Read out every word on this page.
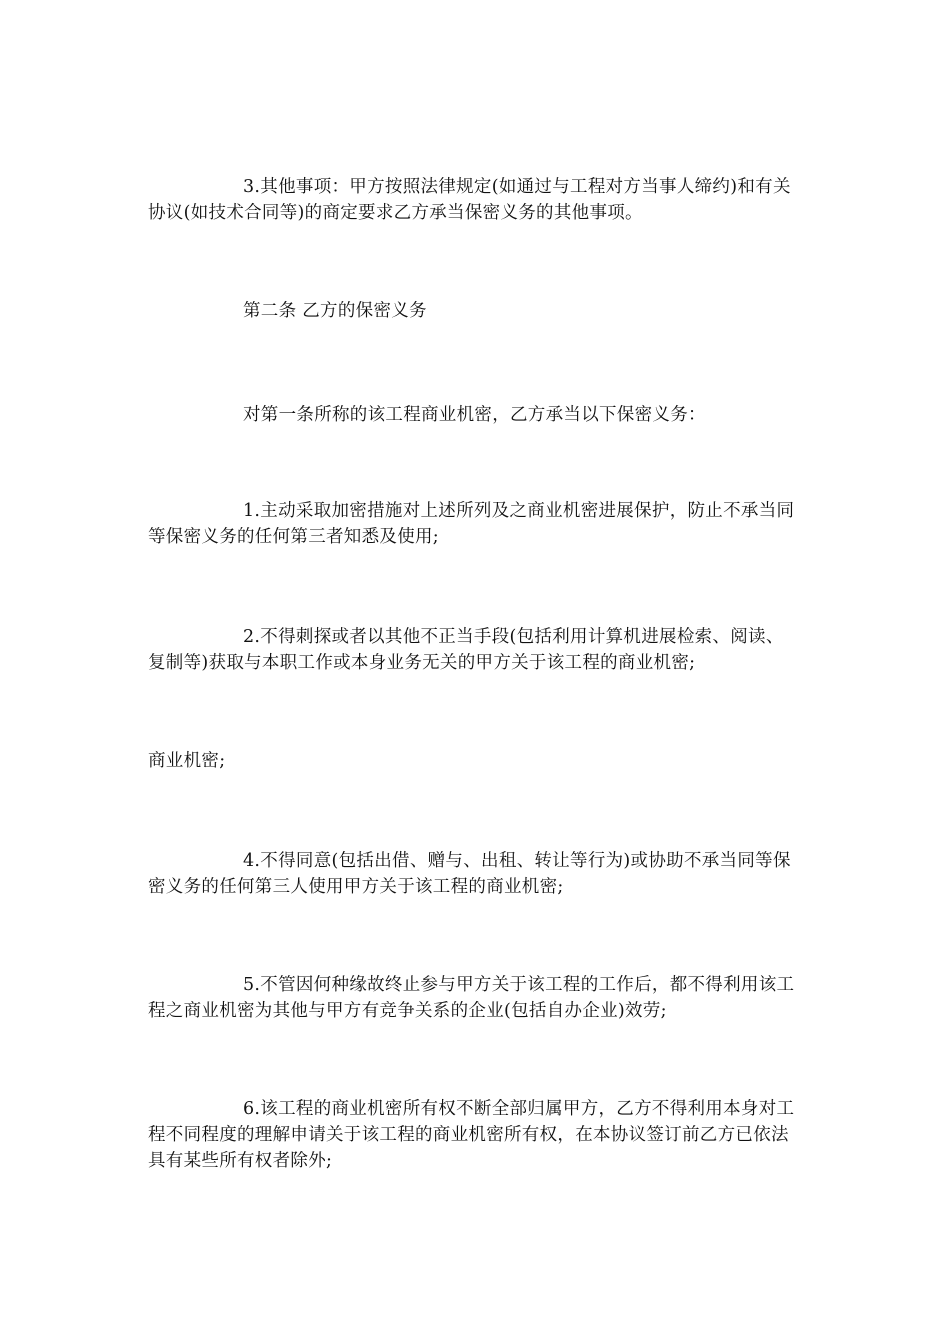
3.其他事项：甲方按照法律规定(如通过与工程对方当事人缔约)和有关协议(如技术合同等)的商定要求乙方承当保密义务的其他事项。

第二条 乙方的保密义务

对第一条所称的该工程商业机密，乙方承当以下保密义务：

1.主动采取加密措施对上述所列及之商业机密进展保护，防止不承当同等保密义务的任何第三者知悉及使用;

2.不得刺探或者以其他不正当手段(包括利用计算机进展检索、阅读、复制等)获取与本职工作或本身业务无关的甲方关于该工程的商业机密;

商业机密;

4.不得同意(包括出借、赠与、出租、转让等行为)或协助不承当同等保密义务的任何第三人使用甲方关于该工程的商业机密;

5.不管因何种缘故终止参与甲方关于该工程的工作后，都不得利用该工程之商业机密为其他与甲方有竞争关系的企业(包括自办企业)效劳;

6.该工程的商业机密所有权不断全部归属甲方，乙方不得利用本身对工程不同程度的理解申请关于该工程的商业机密所有权，在本协议签订前乙方已依法具有某些所有权者除外;
